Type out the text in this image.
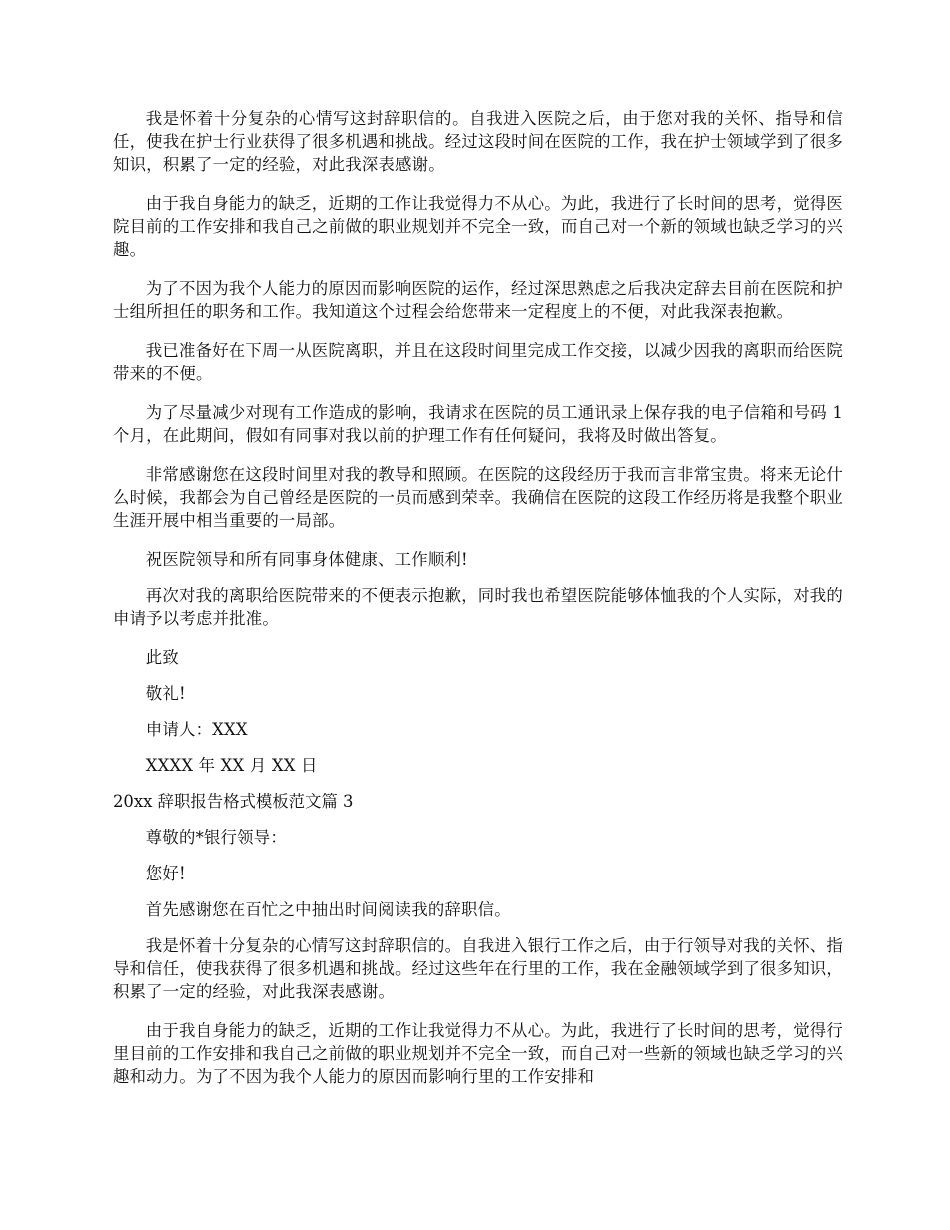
我是怀着十分复杂的心情写这封辞职信的。自我进入医院之后，由于您对我的关怀、指导和信任，使我在护士行业获得了很多机遇和挑战。经过这段时间在医院的工作，我在护士领域学到了很多知识，积累了一定的经验，对此我深表感谢。

由于我自身能力的缺乏，近期的工作让我觉得力不从心。为此，我进行了长时间的思考，觉得医院目前的工作安排和我自己之前做的职业规划并不完全一致，而自己对一个新的领域也缺乏学习的兴趣。

为了不因为我个人能力的原因而影响医院的运作，经过深思熟虑之后我决定辞去目前在医院和护士组所担任的职务和工作。我知道这个过程会给您带来一定程度上的不便，对此我深表抱歉。

我已准备好在下周一从医院离职，并且在这段时间里完成工作交接，以减少因我的离职而给医院带来的不便。

为了尽量减少对现有工作造成的影响，我请求在医院的员工通讯录上保存我的电子信箱和号码 1 个月，在此期间，假如有同事对我以前的护理工作有任何疑问，我将及时做出答复。

非常感谢您在这段时间里对我的教导和照顾。在医院的这段经历于我而言非常宝贵。将来无论什么时候，我都会为自己曾经是医院的一员而感到荣幸。我确信在医院的这段工作经历将是我整个职业生涯开展中相当重要的一局部。

祝医院领导和所有同事身体健康、工作顺利!

再次对我的离职给医院带来的不便表示抱歉，同时我也希望医院能够体恤我的个人实际，对我的申请予以考虑并批准。

此致

敬礼!

申请人：XXX

XXXX 年 XX 月 XX 日

20xx 辞职报告格式模板范文篇 3

尊敬的*银行领导：

您好!

首先感谢您在百忙之中抽出时间阅读我的辞职信。

我是怀着十分复杂的心情写这封辞职信的。自我进入银行工作之后，由于行领导对我的关怀、指导和信任，使我获得了很多机遇和挑战。经过这些年在行里的工作，我在金融领域学到了很多知识，积累了一定的经验，对此我深表感谢。

由于我自身能力的缺乏，近期的工作让我觉得力不从心。为此，我进行了长时间的思考，觉得行里目前的工作安排和我自己之前做的职业规划并不完全一致，而自己对一些新的领域也缺乏学习的兴趣和动力。为了不因为我个人能力的原因而影响行里的工作安排和
